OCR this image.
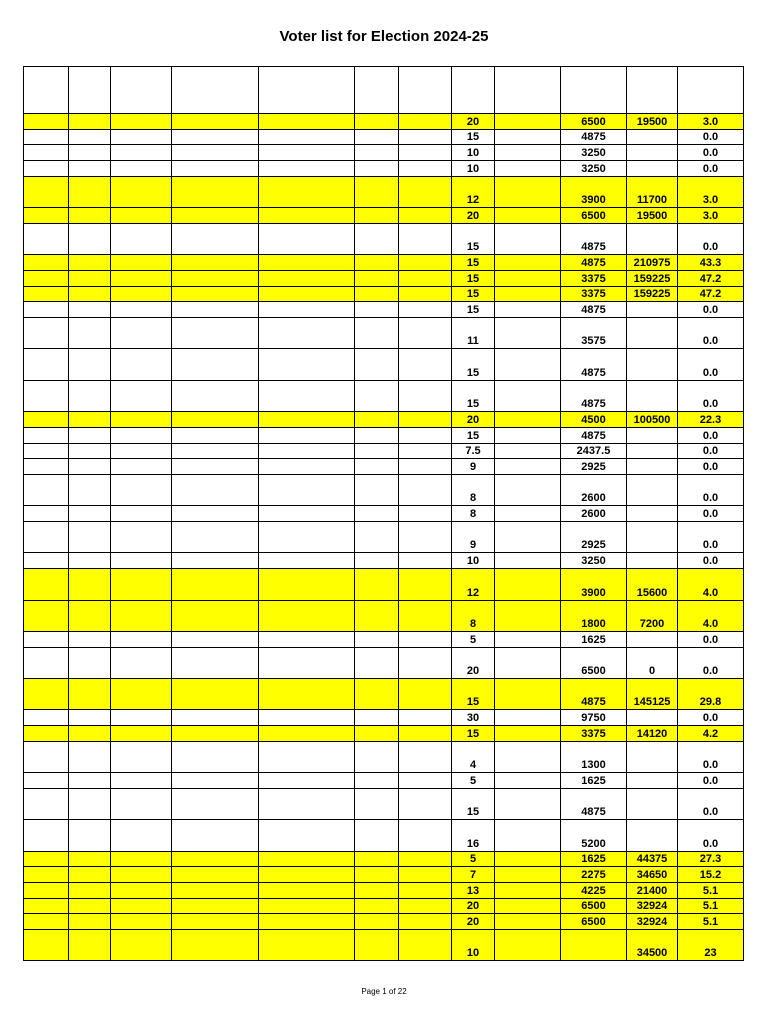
Voter list for Election 2024-25

							20		6500	19500	3.0
							15		4875		0.0
							10		3250		0.0
							10		3250		0.0
							12		3900	11700	3.0
							20		6500	19500	3.0
							15		4875		0.0
							15		4875	210975	43.3
							15		3375	159225	47.2
							15		3375	159225	47.2
							15		4875		0.0
							11		3575		0.0
							15		4875		0.0
							15		4875		0.0
							20		4500	100500	22.3
							15		4875		0.0
							7.5		2437.5		0.0
							9		2925		0.0
							8		2600		0.0
							8		2600		0.0
							9		2925		0.0
							10		3250		0.0
							12		3900	15600	4.0
							8		1800	7200	4.0
							5		1625		0.0
							20		6500	0	0.0
							15		4875	145125	29.8
							30		9750		0.0
							15		3375	14120	4.2
							4		1300		0.0
							5		1625		0.0
							15		4875		0.0
							16		5200		0.0
							5		1625	44375	27.3
							7		2275	34650	15.2
							13		4225	21400	5.1
							20		6500	32924	5.1
							20		6500	32924	5.1
							10			34500	23
Page 1 of 22
